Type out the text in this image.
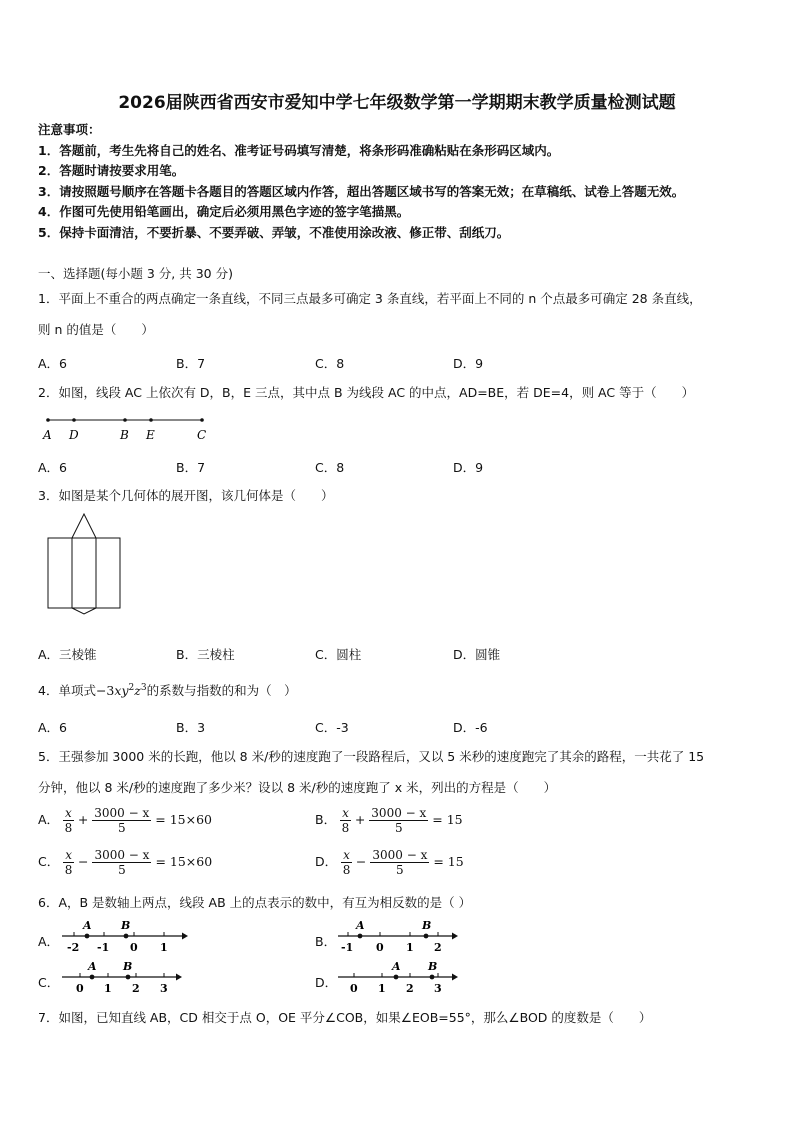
2026届陕西省西安市爱知中学七年级数学第一学期期末教学质量检测试题
注意事项：
1．答题前，考生先将自己的姓名、准考证号码填写清楚，将条形码准确粘贴在条形码区域内。
2．答题时请按要求用笔。
3．请按照题号顺序在答题卡各题目的答题区域内作答，超出答题区域书写的答案无效；在草稿纸、试卷上答题无效。
4．作图可先使用铅笔画出，确定后必须用黑色字迹的签字笔描黑。
5．保持卡面清洁，不要折暴、不要弄破、弄皱，不准使用涂改液、修正带、刮纸刀。
一、选择题(每小题 3 分, 共 30 分)
1．平面上不重合的两点确定一条直线，不同三点最多可确定 3 条直线，若平面上不同的 n 个点最多可确定 28 条直线，
则 n 的值是（　　）
A．6	B．7	C．8	D．9
2．如图，线段 AC 上依次有 D，B，E 三点，其中点 B 为线段 AC 的中点，AD=BE，若 DE=4，则 AC 等于（　　）
A D	B E	C
A．6	B．7	C．8	D．9
3．如图是某个几何体的展开图，该几何体是（　　）
A．三棱锥	B．三棱柱	C．圆柱	D．圆锥
4．单项式$-3xy^2z^3$的系数与指数的和为（　）
A．6	B．3	C．-3	D．-6
5．王强参加 3000 米的长跑，他以 8 米/秒的速度跑了一段路程后，又以 5 米秒的速度跑完了其余的路程，一共花了 15
分钟，他以 8 米/秒的速度跑了多少米？设以 8 米/秒的速度跑了 x 米，列出的方程是（　　）
A． $\frac{x}{8} + \frac{3000 - x}{5} = 15\times 60$	B． $\frac{x}{8} + \frac{3000 - x}{5} = 15$
C． $\frac{x}{8} - \frac{3000 - x}{5} = 15\times 60$	D． $\frac{x}{8} - \frac{3000 - x}{5} = 15$
6．A，B 是数轴上两点，线段 AB 上的点表示的数中，有互为相反数的是（ ）
A．
A	B
-2 -1 0 1	B．
A	B
-1 0 1 2
C．
A B
0 1 2 3	D．
A B
0 1 2 3
7．如图，已知直线 AB，CD 相交于点 O，OE 平分∠COB，如果∠EOB=55°，那么∠BOD 的度数是（　　）
